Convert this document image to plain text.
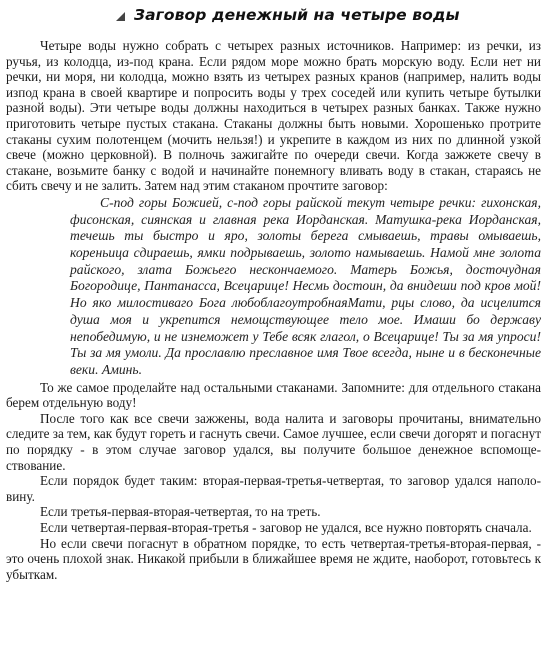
Заговор денежный на четыре воды

Четыре воды нужно собрать с четырех разных источников. Например: из речки, из ручья, из колодца, из-под крана. Если рядом море можно брать морскую воду. Если нет ни речки, ни моря, ни колодца, можно взять из четырех разных кранов (например, налить воды изпод крана в своей квартире и попросить воды у трех соседей или купить четыре бутылки разной воды). Эти четыре воды должны находиться в четырех разных банках. Также нужно приготовить четыре пустых стакана. Стаканы должны быть новыми. Хорошенько протрите стаканы сухим полотенцем (мочить нельзя!) и укрепите в каждом из них по длинной узкой свече (можно церковной). В полночь зажигайте по очереди свечи. Когда зажжете свечу в стакане, возьмите банку с водой и начинайте понемногу вливать воду в стакан, стараясь не сбить свечу и не залить. Затем над этим стаканом прочтите заговор:

С-под горы Божией, с-под горы райской текут четыре речки: гихонская, фисонская, сиянская и главная река Иорданская. Матушка-река Иорданская, течешь ты быстро и яро, золоты берега смываешь, травы омываешь, кореньица сдираешь, ямки подрываешь, золото намываешь. Намой мне золота райского, злата Божьего нескончаемого. Матерь Божья, досточудная Богородице, Пантанасса, Всецарице! Несмь достоин, да внидеши под кров мой! Но яко милостиваго Бога любоблагоутробнаяМати, рцы слово, да исцелится душа моя и укрепится немощствующее тело мое. Имаши бо державу непобедимую, и не изнеможет у Тебе всяк глагол, о Всецарице! Ты за мя упроси! Ты за мя умоли. Да прославлю преславное имя Твое всегда, ныне и в бесконечные веки. Аминь.

То же самое проделайте над остальными стаканами. Запомните: для отдельного стакана берем отдельную воду!

После того как все свечи зажжены, вода налита и заговоры прочитаны, внимательно следите за тем, как будут гореть и гаснуть свечи. Самое лучшее, если свечи догорят и погаснут по порядку - в этом случае заговор удался, вы получите большое денежное вспомоществование.

Если порядок будет таким: вторая-первая-третья-четвертая, то заговор удался наполовину.

Если третья-первая-вторая-четвертая, то на треть.

Если четвертая-первая-вторая-третья - заговор не удался, все нужно повторять сначала.

Но если свечи погаснут в обратном порядке, то есть четвертая-третья-вторая-первая, - это очень плохой знак. Никакой прибыли в ближайшее время не ждите, наоборот, готовьтесь к убыткам.
